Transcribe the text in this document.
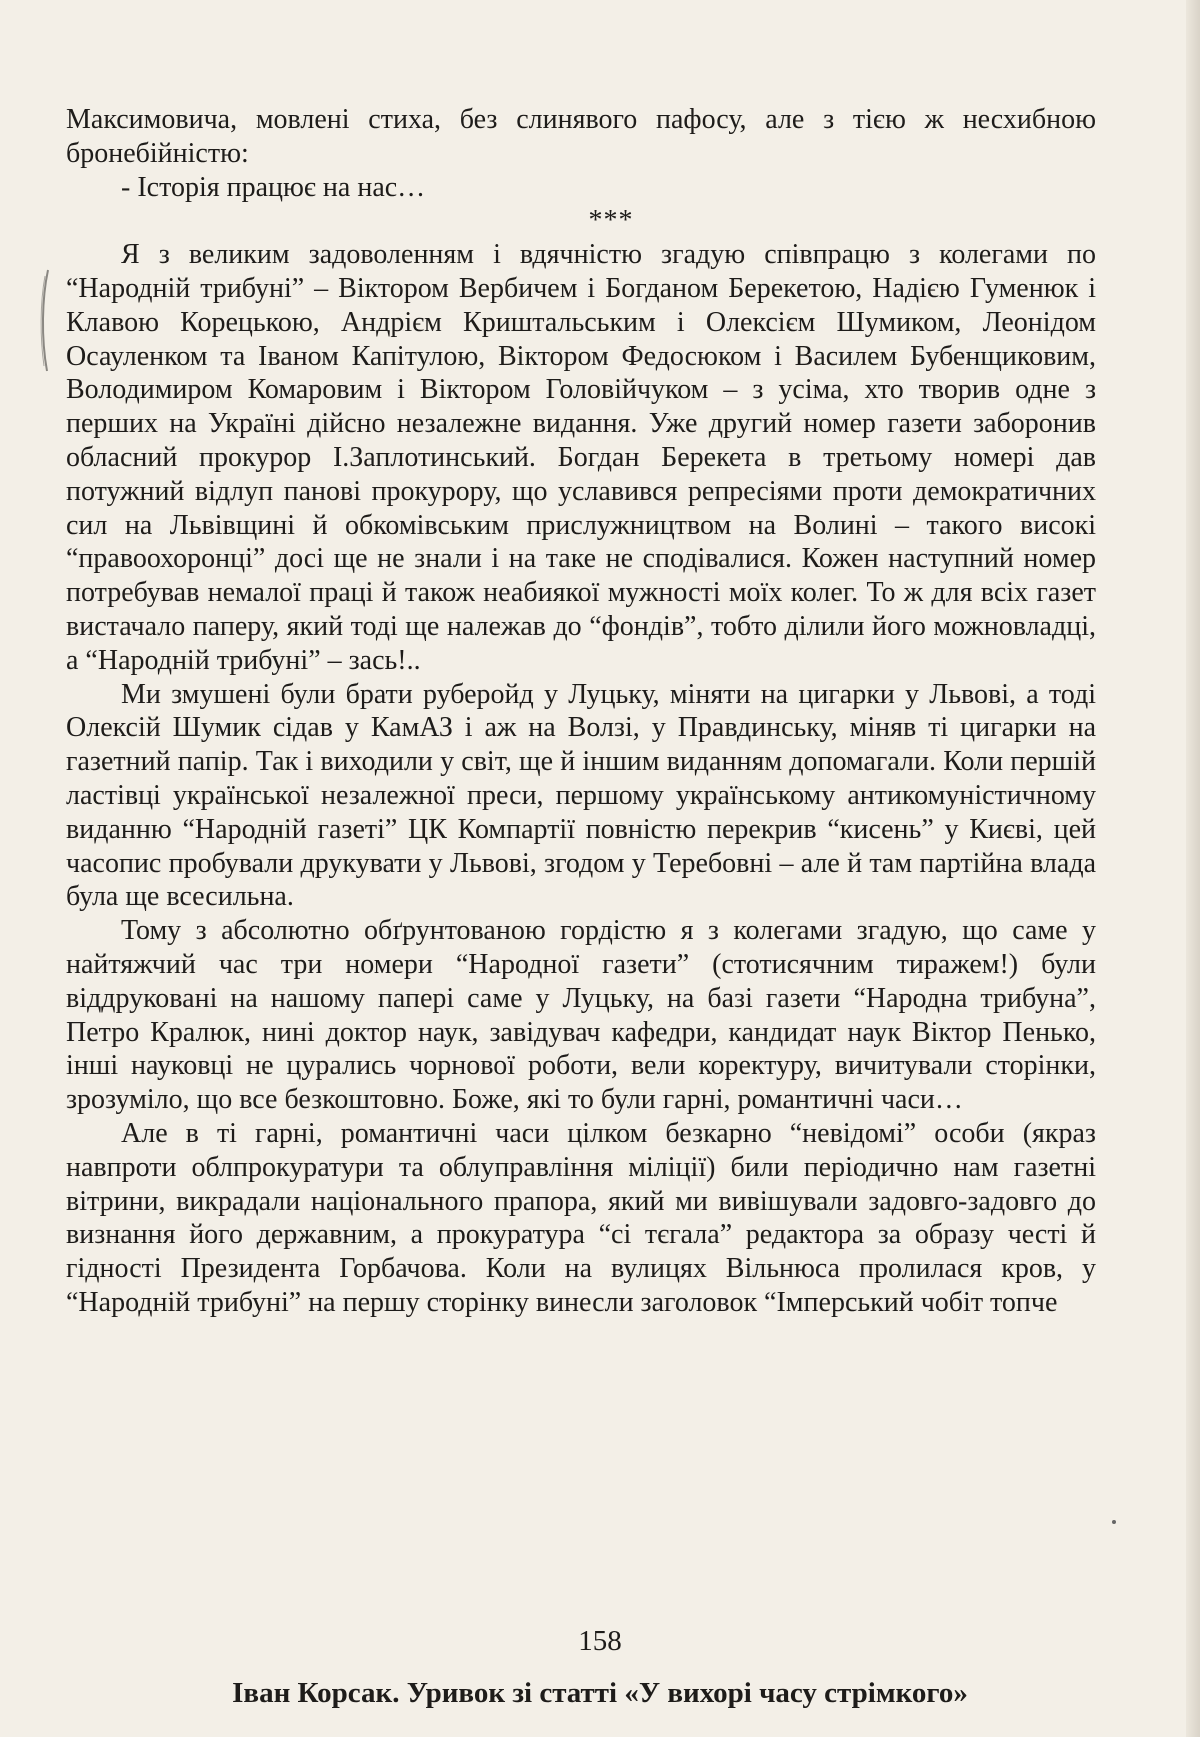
Максимовича, мовлені стиха, без слинявого пафосу, але з тією ж несхибною бронебійністю:

- Історія працює на нас…

***

Я з великим задоволенням і вдячністю згадую співпрацю з колегами по “Народній трибуні” – Віктором Вербичем і Богданом Берекетою, Надією Гуменюк і Клавою Корецькою, Андрієм Криштальським і Олексієм Шумиком, Леонідом Осауленком та Іваном Капітулою, Віктором Федосюком і Василем Бубенщиковим, Володимиром Комаровим і Віктором Головійчуком – з усіма, хто творив одне з перших на Україні дійсно незалежне видання. Уже другий номер газети заборонив обласний прокурор І.Заплотинський. Богдан Берекета в третьому номері дав потужний відлуп панові прокурору, що уславився репресіями проти демократичних сил на Львівщині й обкомівським прислужництвом на Волині – такого високі “правоохоронці” досі ще не знали і на таке не сподівалися. Кожен наступний номер потребував немалої праці й також неабиякої мужності моїх колег. То ж для всіх газет вистачало паперу, який тоді ще належав до “фондів”, тобто ділили його можновладці, а “Народній трибуні” – зась!..

Ми змушені були брати руберойд у Луцьку, міняти на цигарки у Львові, а тоді Олексій Шумик сідав у КамАЗ і аж на Волзі, у Правдинську, міняв ті цигарки на газетний папір. Так і виходили у світ, ще й іншим виданням допомагали. Коли першій ластівці української незалежної преси, першому українському антикомуністичному виданню “Народній газеті” ЦК Компартії повністю перекрив “кисень” у Києві, цей часопис пробували друкувати у Львові, згодом у Теребовні – але й там партійна влада була ще всесильна.

Тому з абсолютно обґрунтованою гордістю я з колегами згадую, що саме у найтяжчий час три номери “Народної газети” (стотисячним тиражем!) були віддруковані на нашому папері саме у Луцьку, на базі газети “Народна трибуна”, Петро Кралюк, нині доктор наук, завідувач кафедри, кандидат наук Віктор Пенько, інші науковці не цурались чорнової роботи, вели коректуру, вичитували сторінки, зрозуміло, що все безкоштовно. Боже, які то були гарні, романтичні часи…

Але в ті гарні, романтичні часи цілком безкарно “невідомі” особи (якраз навпроти облпрокуратури та облуправління міліції) били періодично нам газетні вітрини, викрадали національного прапора, який ми вивішували задовго-задовго до визнання його державним, а прокуратура “сі тєгала” редактора за образу честі й гідності Президента Горбачова. Коли на вулицях Вільнюса пролилася кров, у “Народній трибуні” на першу сторінку винесли заголовок “Імперський чобіт топче

158
Іван Корсак. Уривок зі статті «У вихорі часу стрімкого»
